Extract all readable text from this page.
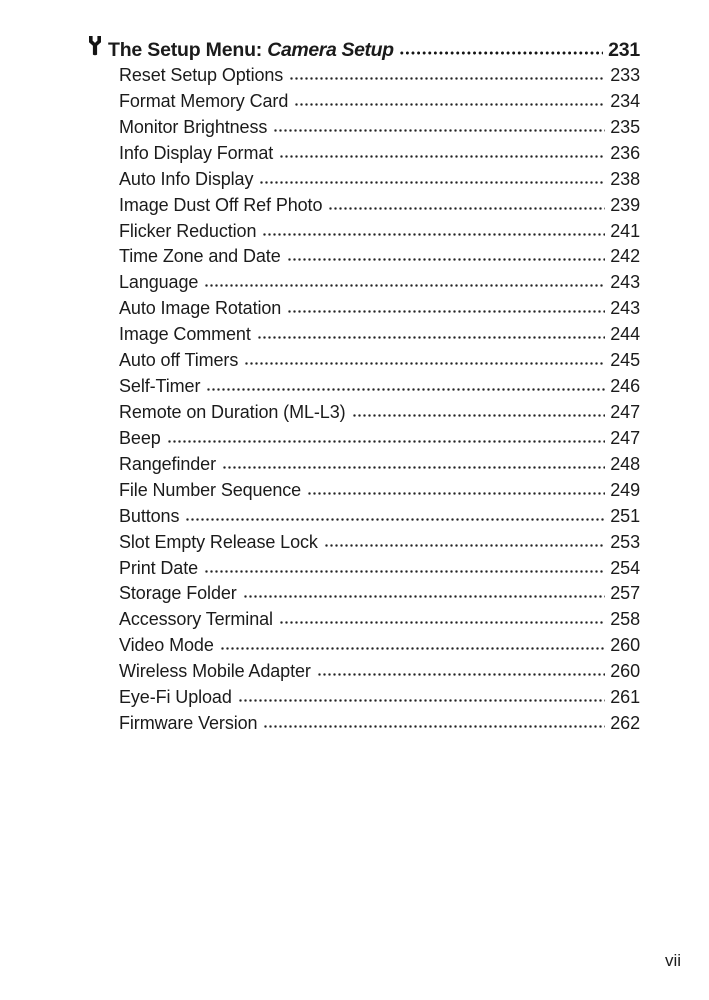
The Setup Menu: Camera Setup	231
Reset Setup Options	233
Format Memory Card	234
Monitor Brightness	235
Info Display Format	236
Auto Info Display	238
Image Dust Off Ref Photo	239
Flicker Reduction	241
Time Zone and Date	242
Language	243
Auto Image Rotation	243
Image Comment	244
Auto off Timers	245
Self-Timer	246
Remote on Duration (ML-L3)	247
Beep	247
Rangefinder	248
File Number Sequence	249
Buttons	251
Slot Empty Release Lock	253
Print Date	254
Storage Folder	257
Accessory Terminal	258
Video Mode	260
Wireless Mobile Adapter	260
Eye-Fi Upload	261
Firmware Version	262
vii
